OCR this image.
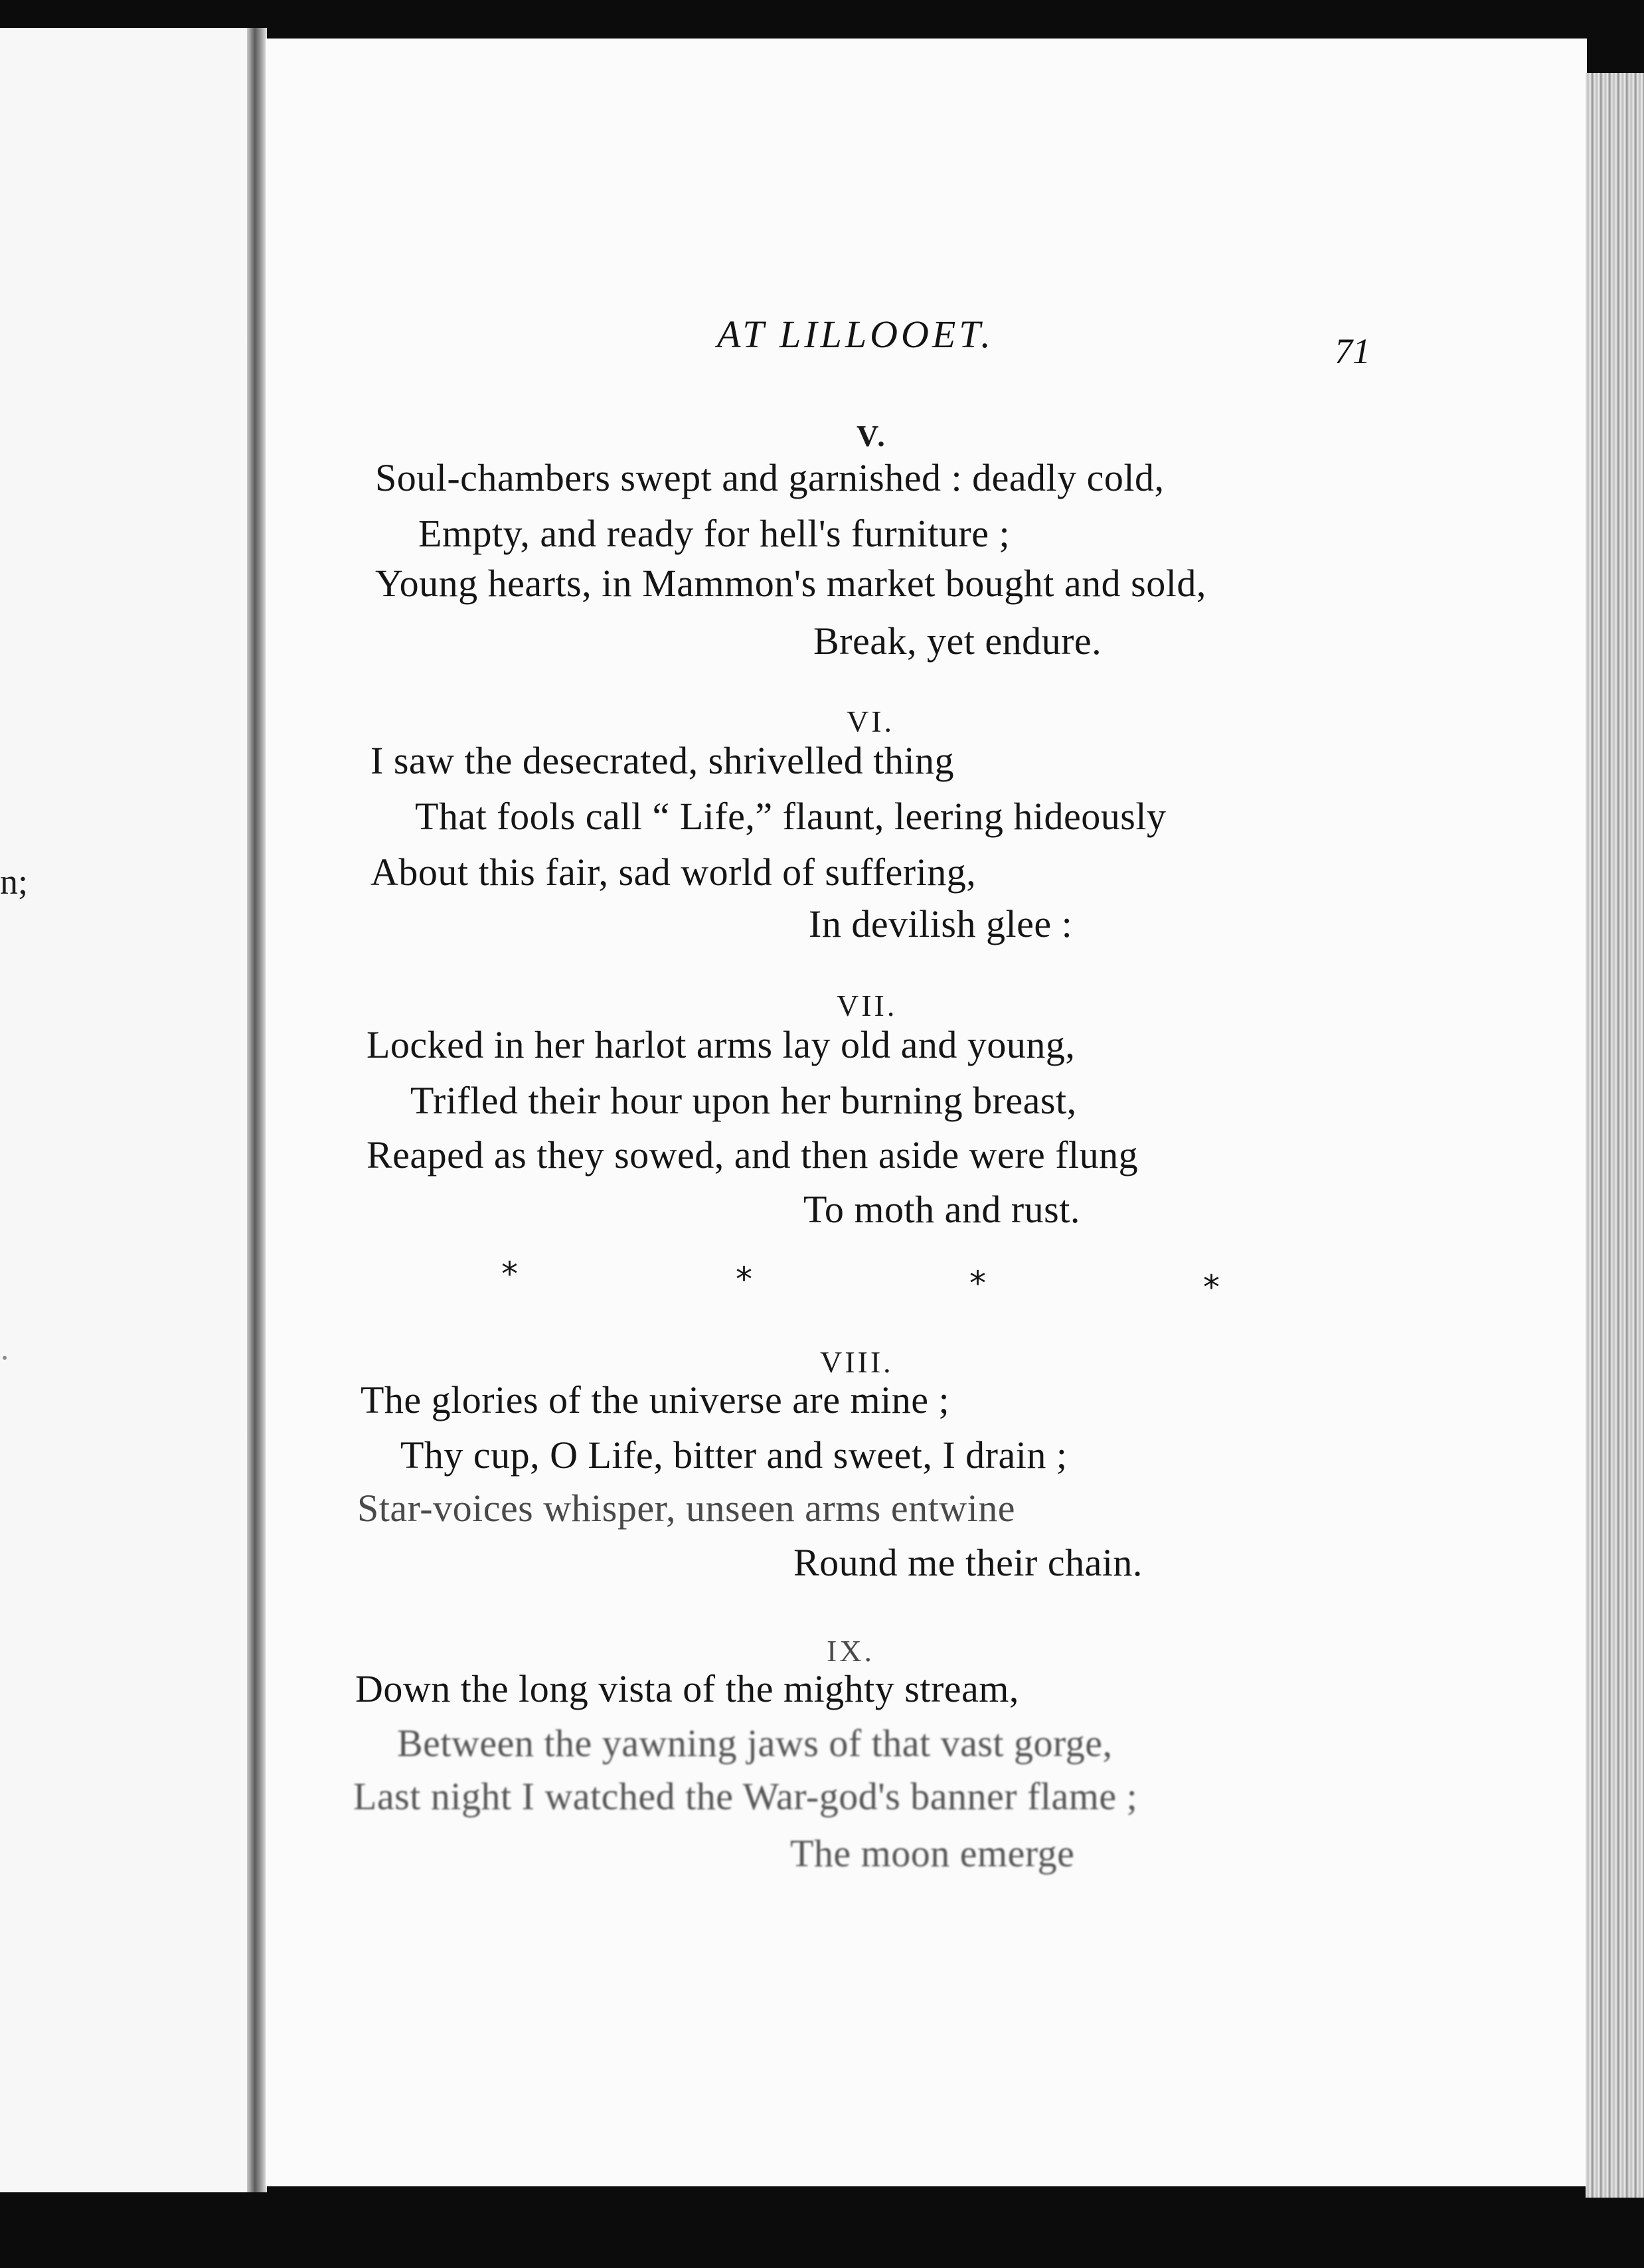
n;
AT LILLOOET.	71
V.
Soul-chambers swept and garnished : deadly cold,
Empty, and ready for hell's furniture ;
Young hearts, in Mammon's market bought and sold,
Break, yet endure.
VI.
I saw the desecrated, shrivelled thing
That fools call “ Life,” flaunt, leering hideously
About this fair, sad world of suffering,
In devilish glee :
VII.
Locked in her harlot arms lay old and young,
Trifled their hour upon her burning breast,
Reaped as they sowed, and then aside were flung
To moth and rust.
*	*	*	*
VIII.
The glories of the universe are mine ;
Thy cup, O Life, bitter and sweet, I drain ;
Star-voices whisper, unseen arms entwine
Round me their chain.
IX.
Down the long vista of the mighty stream,
Between the yawning jaws of that vast gorge,
Last night I watched the War-god's banner flame ;
The moon emerge
